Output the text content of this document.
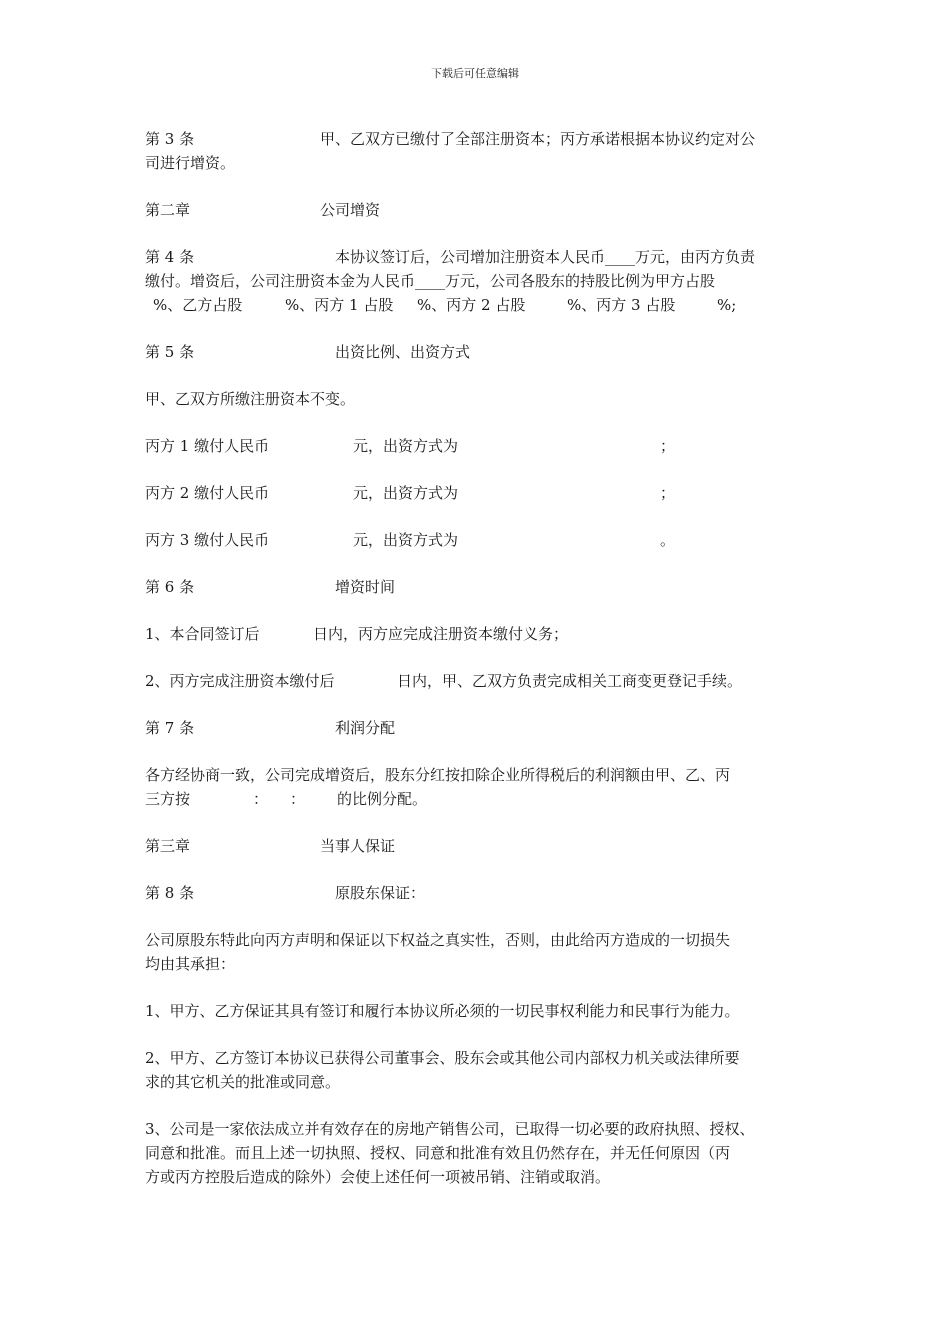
下载后可任意编辑
第 3 条	甲、乙双方已缴付了全部注册资本；丙方承诺根据本协议约定对公
司进行增资。
第二章	公司增资
第 4 条	本协议签订后，公司增加注册资本人民币____万元，由丙方负责
缴付。增资后，公司注册资本金为人民币____万元，公司各股东的持股比例为甲方占股
%、乙方占股	%、丙方 1 占股 %、丙方 2 占股	%、丙方 3 占股	%;
第 5 条	出资比例、出资方式
甲、乙双方所缴注册资本不变。
丙方 1 缴付人民币	元，出资方式为	；
丙方 2 缴付人民币	元，出资方式为	；
丙方 3 缴付人民币	元，出资方式为	。
第 6 条	增资时间
1、本合同签订后	日内，丙方应完成注册资本缴付义务；
2、丙方完成注册资本缴付后	日内，甲、乙双方负责完成相关工商变更登记手续。
第 7 条	利润分配
各方经协商一致，公司完成增资后，股东分红按扣除企业所得税后的利润额由甲、乙、丙
三方按	： ： 的比例分配。
第三章	当事人保证
第 8 条	原股东保证：
公司原股东特此向丙方声明和保证以下权益之真实性，否则，由此给丙方造成的一切损失
均由其承担：
1、甲方、乙方保证其具有签订和履行本协议所必须的一切民事权利能力和民事行为能力。
2、甲方、乙方签订本协议已获得公司董事会、股东会或其他公司内部权力机关或法律所要
求的其它机关的批准或同意。
3、公司是一家依法成立并有效存在的房地产销售公司，已取得一切必要的政府执照、授权、
同意和批准。而且上述一切执照、授权、同意和批准有效且仍然存在，并无任何原因（丙
方或丙方控股后造成的除外）会使上述任何一项被吊销、注销或取消。
